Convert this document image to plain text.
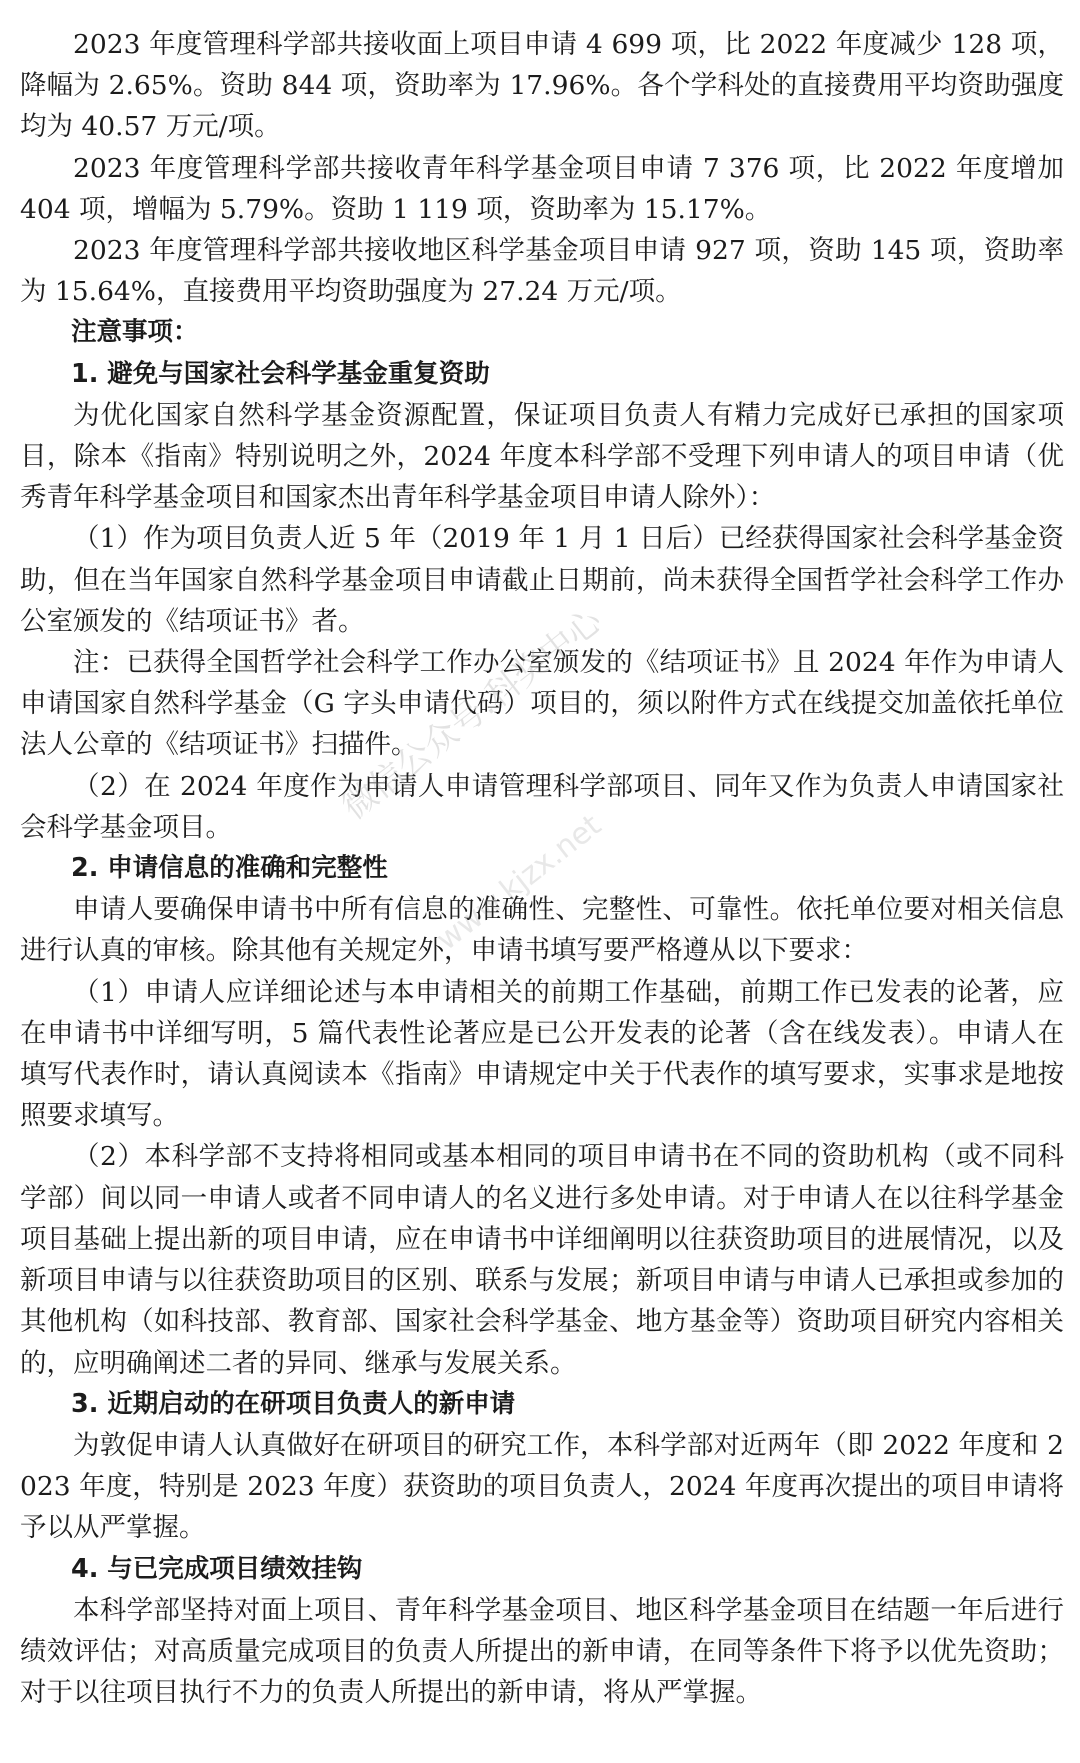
2023 年度管理科学部共接收面上项目申请 4 699 项，比 2022 年度减少 128 项，降幅为 2.65%。资助 844 项，资助率为 17.96%。各个学科处的直接费用平均资助强度均为 40.57 万元/项。

2023 年度管理科学部共接收青年科学基金项目申请 7 376 项，比 2022 年度增加 404 项，增幅为 5.79%。资助 1 119 项，资助率为 15.17%。

2023 年度管理科学部共接收地区科学基金项目申请 927 项，资助 145 项，资助率为 15.64%，直接费用平均资助强度为 27.24 万元/项。

注意事项：

1. 避免与国家社会科学基金重复资助

为优化国家自然科学基金资源配置，保证项目负责人有精力完成好已承担的国家项目，除本《指南》特别说明之外，2024 年度本科学部不受理下列申请人的项目申请（优秀青年科学基金项目和国家杰出青年科学基金项目申请人除外）：

（1）作为项目负责人近 5 年（2019 年 1 月 1 日后）已经获得国家社会科学基金资助，但在当年国家自然科学基金项目申请截止日期前，尚未获得全国哲学社会科学工作办公室颁发的《结项证书》者。

注：已获得全国哲学社会科学工作办公室颁发的《结项证书》且 2024 年作为申请人申请国家自然科学基金（G 字头申请代码）项目的，须以附件方式在线提交加盖依托单位法人公章的《结项证书》扫描件。

（2）在 2024 年度作为申请人申请管理科学部项目、同年又作为负责人申请国家社会科学基金项目。

2. 申请信息的准确和完整性

申请人要确保申请书中所有信息的准确性、完整性、可靠性。依托单位要对相关信息进行认真的审核。除其他有关规定外，申请书填写要严格遵从以下要求：

（1）申请人应详细论述与本申请相关的前期工作基础，前期工作已发表的论著，应在申请书中详细写明，5 篇代表性论著应是已公开发表的论著（含在线发表）。申请人在填写代表作时，请认真阅读本《指南》申请规定中关于代表作的填写要求，实事求是地按照要求填写。

（2）本科学部不支持将相同或基本相同的项目申请书在不同的资助机构（或不同科学部）间以同一申请人或者不同申请人的名义进行多处申请。对于申请人在以往科学基金项目基础上提出新的项目申请，应在申请书中详细阐明以往获资助项目的进展情况，以及新项目申请与以往获资助项目的区别、联系与发展；新项目申请与申请人已承担或参加的其他机构（如科技部、教育部、国家社会科学基金、地方基金等）资助项目研究内容相关的，应明确阐述二者的异同、继承与发展关系。

3. 近期启动的在研项目负责人的新申请

为敦促申请人认真做好在研项目的研究工作，本科学部对近两年（即 2022 年度和 2023 年度，特别是 2023 年度）获资助的项目负责人，2024 年度再次提出的项目申请将予以从严掌握。

4. 与已完成项目绩效挂钩

本科学部坚持对面上项目、青年科学基金项目、地区科学基金项目在结题一年后进行绩效评估；对高质量完成项目的负责人所提出的新申请，在同等条件下将予以优先资助；对于以往项目执行不力的负责人所提出的新申请，将从严掌握。

微信公众号:科奖中心
www.kjzx.net
